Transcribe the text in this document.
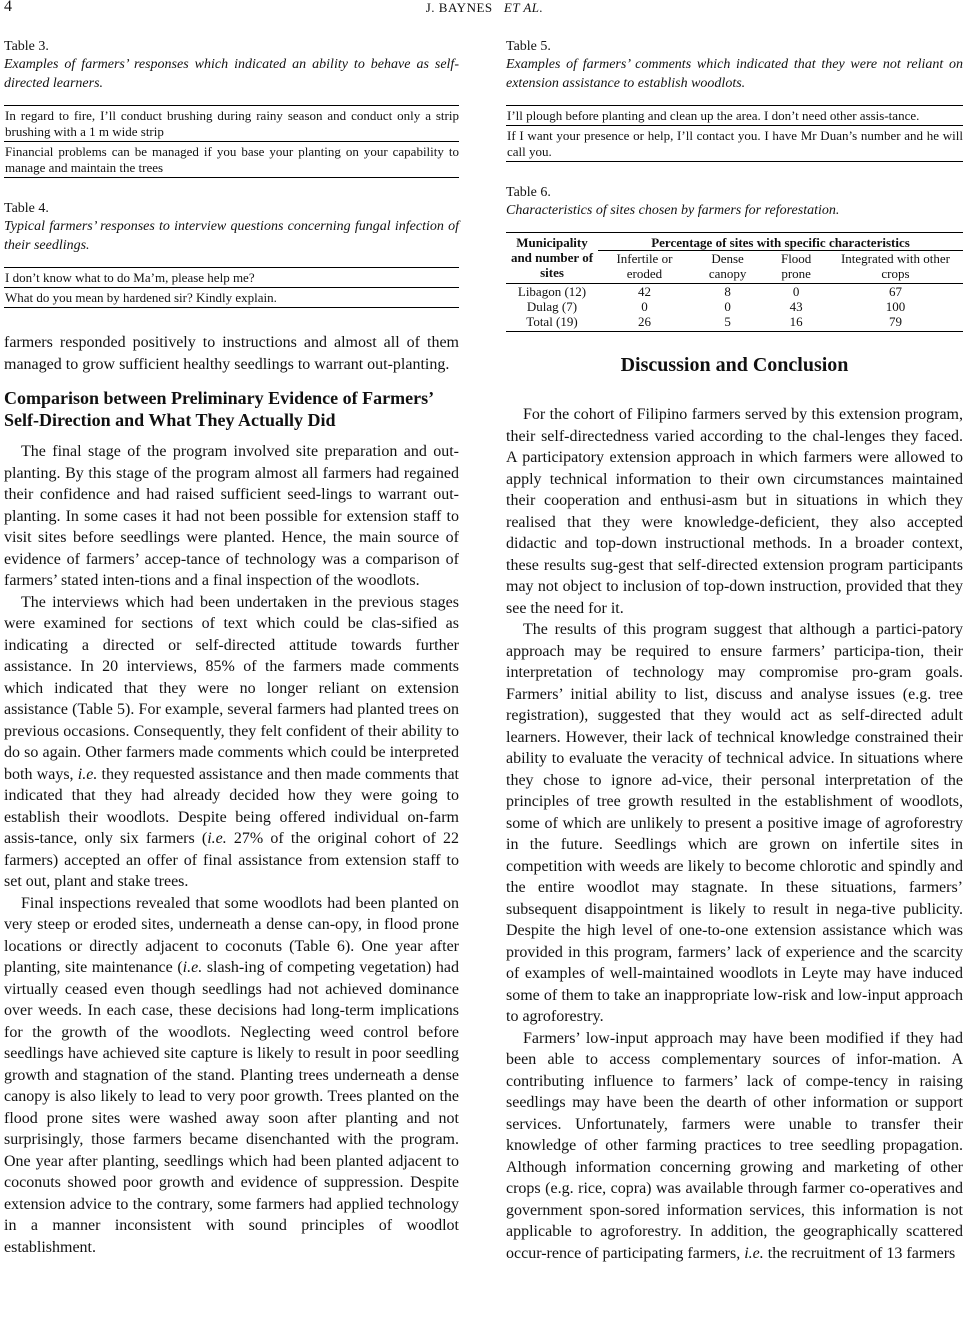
4	J. BAYNES ET AL.

Table 3.

Examples of farmers’ responses which indicated an ability to behave as self-directed learners.

In regard to fire, I’ll conduct brushing during rainy season and conduct only a strip brushing with a 1 m wide strip
Financial problems can be managed if you base your planting on your capability to manage and maintain the trees

Table 4.

Typical farmers’ responses to interview questions concerning fungal infection of their seedlings.

I don’t know what to do Ma’m, please help me?
What do you mean by hardened sir? Kindly explain.

farmers responded positively to instructions and almost all of them managed to grow sufficient healthy seedlings to warrant out-planting.

Comparison between Preliminary Evidence of Farmers’ Self-Direction and What They Actually Did

The final stage of the program involved site preparation and out-planting. By this stage of the program almost all farmers had regained their confidence and had raised sufficient seed-lings to warrant out-planting. In some cases it had not been possible for extension staff to visit sites before seedlings were planted. Hence, the main source of evidence of farmers’ accep-tance of technology was a comparison of farmers’ stated inten-tions and a final inspection of the woodlots.

The interviews which had been undertaken in the previous stages were examined for sections of text which could be clas-sified as indicating a directed or self-directed attitude towards further assistance. In 20 interviews, 85% of the farmers made comments which indicated that they were no longer reliant on extension assistance (Table 5). For example, several farmers had planted trees on previous occasions. Consequently, they felt confident of their ability to do so again. Other farmers made comments which could be interpreted both ways, i.e. they requested assistance and then made comments that indicated that they had already decided how they were going to establish their woodlots. Despite being offered individual on-farm assis-tance, only six farmers (i.e. 27% of the original cohort of 22 farmers) accepted an offer of final assistance from extension staff to set out, plant and stake trees.

Final inspections revealed that some woodlots had been planted on very steep or eroded sites, underneath a dense can-opy, in flood prone locations or directly adjacent to coconuts (Table 6). One year after planting, site maintenance (i.e. slash-ing of competing vegetation) had virtually ceased even though seedlings had not achieved dominance over weeds. In each case, these decisions had long-term implications for the growth of the woodlots. Neglecting weed control before seedlings have achieved site capture is likely to result in poor seedling growth and stagnation of the stand. Planting trees underneath a dense canopy is also likely to lead to very poor growth. Trees planted on the flood prone sites were washed away soon after planting and not surprisingly, those farmers became disenchanted with the program. One year after planting, seedlings which had been planted adjacent to coconuts showed poor growth and evidence of suppression. Despite extension advice to the contrary, some farmers had applied technology in a manner inconsistent with sound principles of woodlot establishment.

Table 5.

Examples of farmers’ comments which indicated that they were not reliant on extension assistance to establish woodlots.

I’ll plough before planting and clean up the area. I don’t need other assis-tance.
If I want your presence or help, I’ll contact you. I have Mr Duan’s number and he will call you.

Table 6.

Characteristics of sites chosen by farmers for reforestation.

Municipality and number of sites	Percentage of sites with specific characteristics			
	Infertile or eroded	Dense canopy	Flood prone	Integrated with other crops
Libagon (12)	42	8	0	67
Dulag (7)	0	0	43	100
Total (19)	26	5	16	79
Discussion and Conclusion

For the cohort of Filipino farmers served by this extension program, their self-directedness varied according to the chal-lenges they faced. A participatory extension approach in which farmers were allowed to apply technical information to their own circumstances maintained their cooperation and enthusi-asm but in situations in which they realised that they were knowledge-deficient, they also accepted didactic and top-down instructional methods. In a broader context, these results sug-gest that self-directed extension program participants may not object to inclusion of top-down instruction, provided that they see the need for it.

The results of this program suggest that although a partici-patory approach may be required to ensure farmers’ participa-tion, their interpretation of technology may compromise pro-gram goals. Farmers’ initial ability to list, discuss and analyse issues (e.g. tree registration), suggested that they would act as self-directed adult learners. However, their lack of technical knowledge constrained their ability to evaluate the veracity of technical advice. In situations where they chose to ignore ad-vice, their personal interpretation of the principles of tree growth resulted in the establishment of woodlots, some of which are unlikely to present a positive image of agroforestry in the future. Seedlings which are grown on infertile sites in competition with weeds are likely to become chlorotic and spindly and the entire woodlot may stagnate. In these situations, farmers’ subsequent disappointment is likely to result in nega-tive publicity. Despite the high level of one-to-one extension assistance which was provided in this program, farmers’ lack of experience and the scarcity of examples of well-maintained woodlots in Leyte may have induced some of them to take an inappropriate low-risk and low-input approach to agroforestry.

Farmers’ low-input approach may have been modified if they had been able to access complementary sources of infor-mation. A contributing influence to farmers’ lack of compe-tency in raising seedlings may have been the dearth of other information or support services. Unfortunately, farmers were unable to transfer their knowledge of other farming practices to tree seedling propagation. Although information concerning growing and marketing of other crops (e.g. rice, copra) was available through farmer co-operatives and government spon-sored information services, this information is not applicable to agroforestry. In addition, the geographically scattered occur-rence of participating farmers, i.e. the recruitment of 13 farmers
